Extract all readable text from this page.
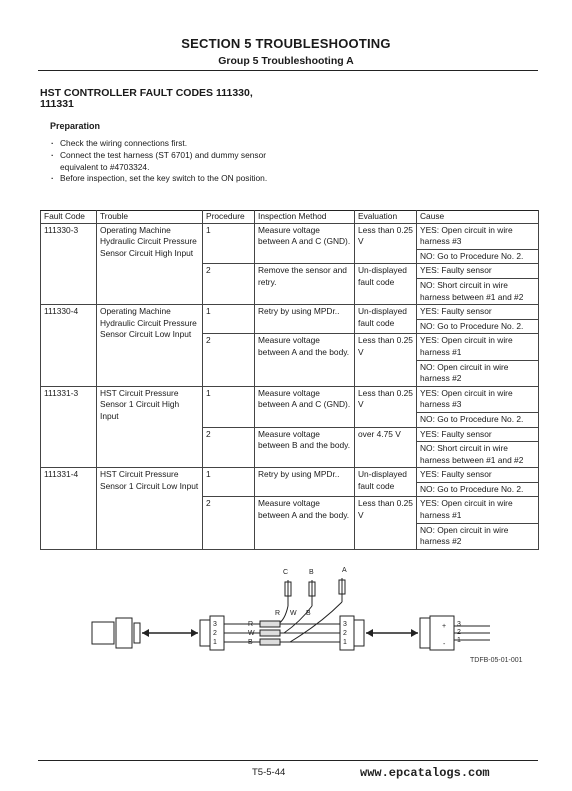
SECTION 5 TROUBLESHOOTING
Group 5 Troubleshooting A
HST CONTROLLER FAULT CODES 111330,
111331
Preparation
· Check the wiring connections first.
· Connect the test harness (ST 6701) and dummy sensor equivalent to #4703324.
· Before inspection, set the key switch to the ON position.
Fault Code	Trouble	Procedure	Inspection Method	Evaluation	Cause
111330-3	Operating Machine Hydraulic Circuit Pressure Sensor Circuit High Input	1	Measure voltage between A and C (GND).	Less than 0.25 V	YES: Open circuit in wire harness #3
					NO: Go to Procedure No. 2.
		2	Remove the sensor and retry.	Un-displayed fault code	YES: Faulty sensor
					NO: Short circuit in wire harness between #1 and #2
111330-4	Operating Machine Hydraulic Circuit Pressure Sensor Circuit Low Input	1	Retry by using MPDr..	Un-displayed fault code	YES: Faulty sensor
					NO: Go to Procedure No. 2.
		2	Measure voltage between A and the body.	Less than 0.25 V	YES: Open circuit in wire harness #1
					NO: Open circuit in wire harness #2
111331-3	HST Circuit Pressure Sensor 1 Circuit High Input	1	Measure voltage between A and C (GND).	Less than 0.25 V	YES: Open circuit in wire harness #3
					NO: Go to Procedure No. 2.
		2	Measure voltage between B and the body.	over 4.75 V	YES: Faulty sensor
					NO: Short circuit in wire harness between #1 and #2
111331-4	HST Circuit Pressure Sensor 1 Circuit Low Input	1	Retry by using MPDr..	Un-displayed fault code	YES: Faulty sensor
					NO: Go to Procedure No. 2.
		2	Measure voltage between A and the body.	Less than 0.25 V	YES: Open circuit in wire harness #1
					NO: Open circuit in wire harness #2
C	B	A
R W B
R
W
B
3
2
1
3
2
1
3
2
1
+
-
TDFB-05-01-001
T5-5-44	www.epcatalogs.com
